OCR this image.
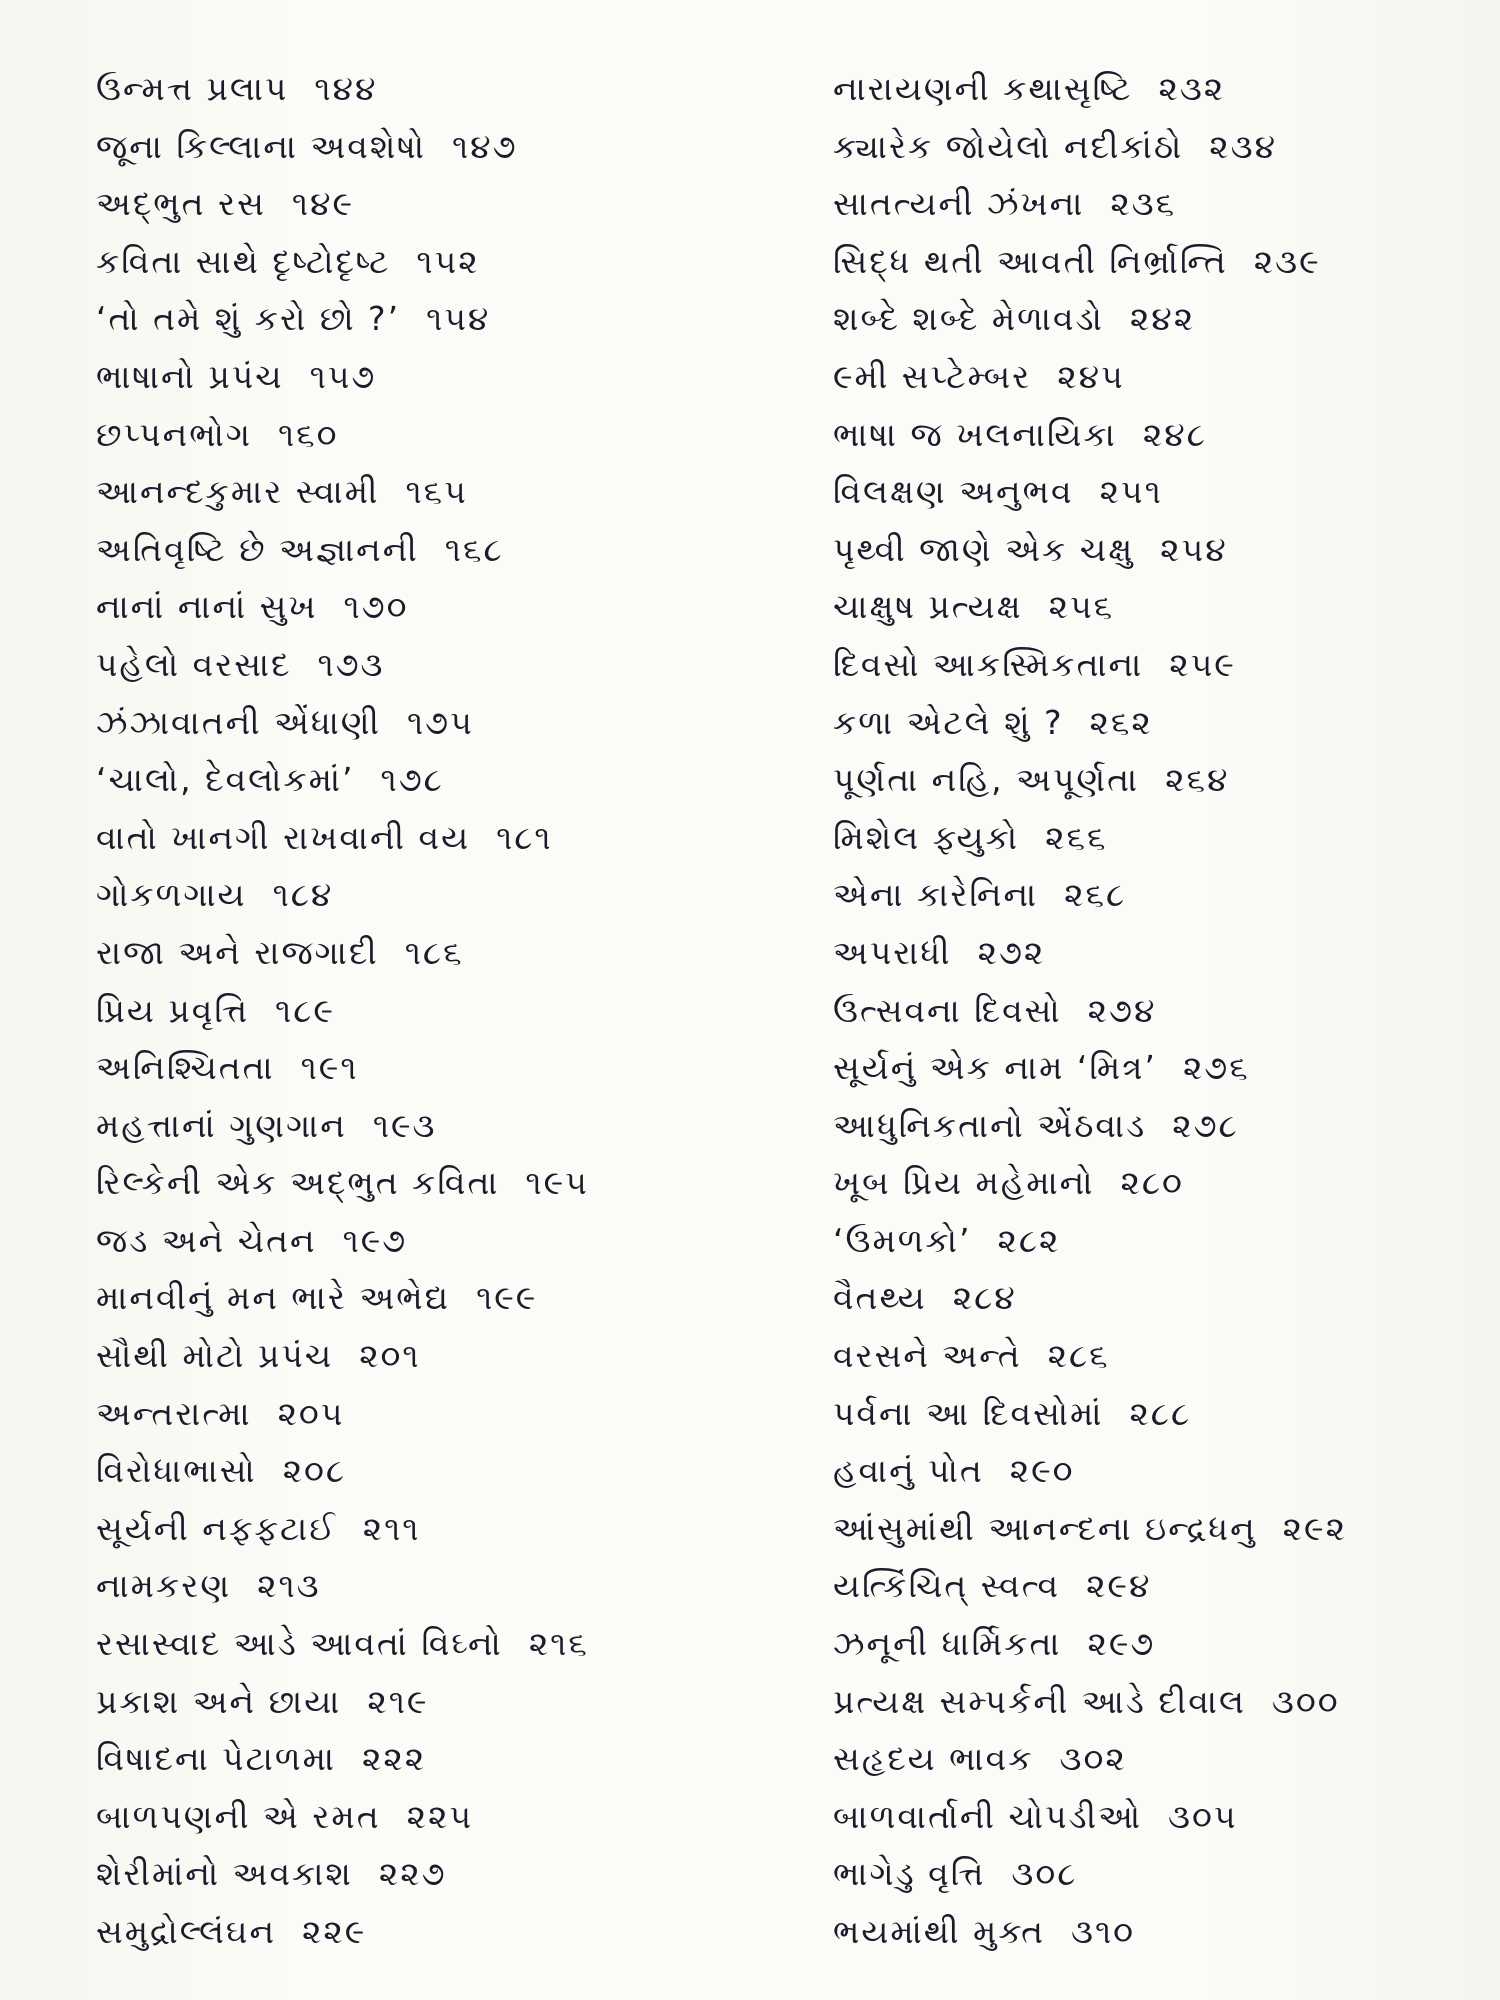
ઉન્મત્ત પ્રલાપ ૧૪૪
જૂના કિલ્લાના અવશેષો ૧૪૭
અદ્‌ભુત રસ ૧૪૯
કવિતા સાથે દૃષ્ટોદૃષ્ટ ૧૫૨
‘તો તમે શું કરો છો ?’ ૧૫૪
ભાષાનો પ્રપંચ ૧૫૭
છપ્પનભોગ ૧૬૦
આનન્દકુમાર સ્વામી ૧૬૫
અતિવૃષ્ટિ છે અજ્ઞાનની ૧૬૮
નાનાં નાનાં સુખ ૧૭૦
પહેલો વરસાદ ૧૭૩
ઝંઝાવાતની એંધાણી ૧૭૫
‘ચાલો, દેવલોકમાં’ ૧૭૮
વાતો ખાનગી રાખવાની વય ૧૮૧
ગોકળગાય ૧૮૪
રાજા અને રાજગાદી ૧૮૬
પ્રિય પ્રવૃત્તિ ૧૮૯
અનિશ્ચિતતા ૧૯૧
મહત્તાનાં ગુણગાન ૧૯૩
રિલ્કેની એક અદ્‌ભુત કવિતા ૧૯૫
જડ અને ચેતન ૧૯૭
માનવીનું મન ભારે અભેદ્ય ૧૯૯
સૌથી મોટો પ્રપંચ ૨૦૧
અન્તરાત્મા ૨૦૫
વિરોધાભાસો ૨૦૮
સૂર્યની નફફટાઈ ૨૧૧
નામકરણ ૨૧૩
રસાસ્વાદ આડે આવતાં વિઘ્નો ૨૧૬
પ્રકાશ અને છાયા ૨૧૯
વિષાદના પેટાળમા ૨૨૨
બાળપણની એ રમત ૨૨૫
શેરીમાંનો અવકાશ ૨૨૭
સમુદ્રોલ્લંઘન ૨૨૯
નારાયણની કથાસૃષ્ટિ ૨૩૨
ક્યારેક જોયેલો નદીકાંઠો ૨૩૪
સાતત્યની ઝંખના ૨૩૬
સિદ્ધ થતી આવતી નિર્ભ્રાન્તિ ૨૩૯
શબ્દે શબ્દે મેળાવડો ૨૪૨
૯મી સપ્ટેમ્બર ૨૪૫
ભાષા જ ખલનાયિકા ૨૪૮
વિલક્ષણ અનુભવ ૨૫૧
પૃથ્વી જાણે એક ચક્ષુ ૨૫૪
ચાક્ષુષ પ્રત્યક્ષ ૨૫૬
દિવસો આકસ્મિકતાના ૨૫૯
કળા એટલે શું ? ૨૬૨
પૂર્ણતા નહિ, અપૂર્ણતા ૨૬૪
મિશેલ ફ્યુકો ૨૬૬
એના કારેનિના ૨૬૮
અપરાધી ૨૭૨
ઉત્સવના દિવસો ૨૭૪
સૂર્યનું એક નામ ‘મિત્ર’ ૨૭૬
આધુનિકતાનો એંઠવાડ ૨૭૮
ખૂબ પ્રિય મહેમાનો ૨૮૦
‘ઉમળકો’ ૨૮૨
વૈતથ્ય ૨૮૪
વરસને અન્તે ૨૮૬
પર્વના આ દિવસોમાં ૨૮૮
હવાનું પોત ૨૯૦
આંસુમાંથી આનન્દના ઇન્દ્રધનુ ૨૯૨
યત્કિંચિત્‌ સ્વત્વ ૨૯૪
ઝનૂની ધાર્મિકતા ૨૯૭
પ્રત્યક્ષ સમ્પર્કની આડે દીવાલ ૩૦૦
સહૃદય ભાવક ૩૦૨
બાળવાર્તાની ચોપડીઓ ૩૦૫
ભાગેડુ વૃત્તિ ૩૦૮
ભયમાંથી મુક્ત ૩૧૦
